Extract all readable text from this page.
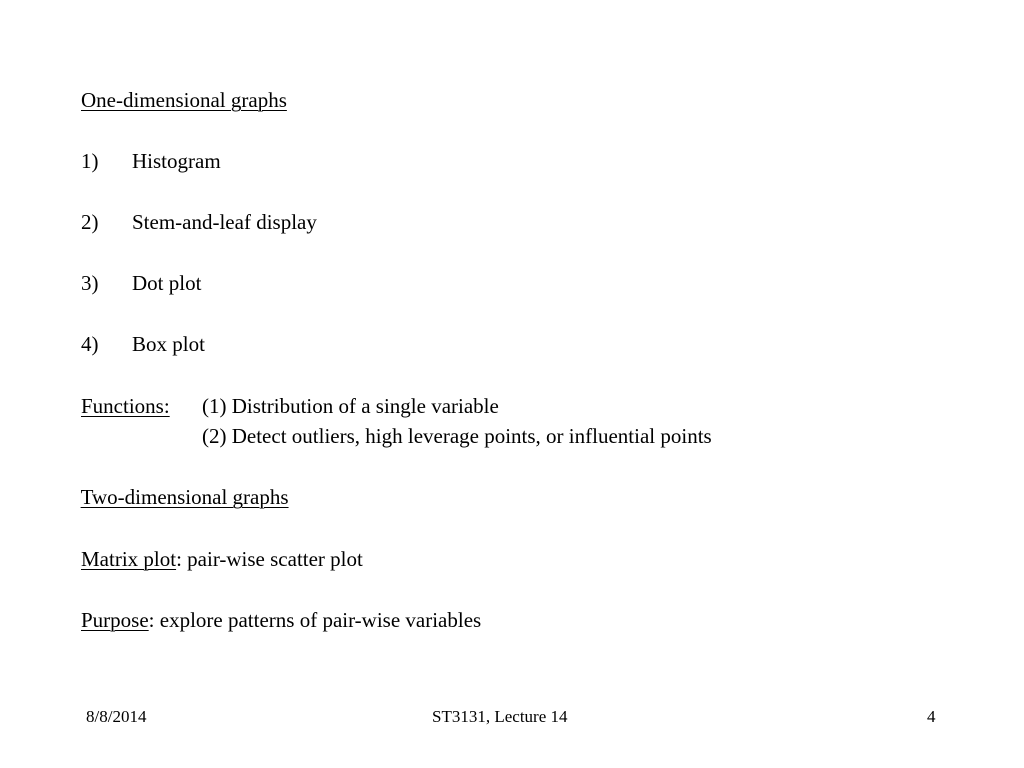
One-dimensional graphs

1) Histogram

2) Stem-and-leaf display

3) Dot plot

4) Box plot

Functions: (1) Distribution of a single variable

(2) Detect outliers, high leverage points, or influential points

Two-dimensional graphs

Matrix plot: pair-wise scatter plot

Purpose: explore patterns of pair-wise variables

8/8/2014	ST3131, Lecture 14	4
